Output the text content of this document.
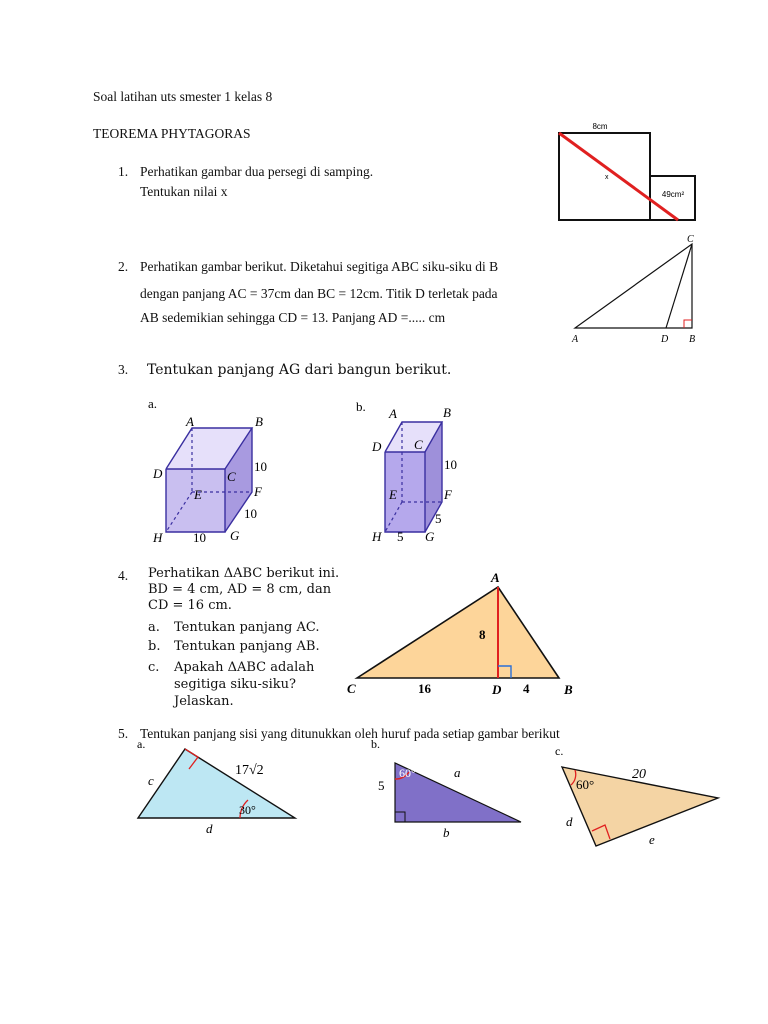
Soal latihan uts smester 1 kelas 8
TEOREMA PHYTAGORAS
1. Perhatikan gambar dua persegi di samping.
Tentukan nilai x
8cm
x
49cm²
2. Perhatikan gambar berikut. Diketahui segitiga ABC siku-siku di B
dengan panjang AC = 37cm dan BC = 12cm. Titik D terletak pada
AB sedemikian sehingga CD = 13. Panjang AD =..... cm
A	D B
C
3. Tentukan panjang AG dari bangun berikut.
A	B
C
D
E	F
G
H
10
10
10
a.
A	B
C
D
E	F
G
H
10
5
5
b.
4. Perhatikan ΔABC berikut ini.
BD = 4 cm, AD = 8 cm, dan
CD = 16 cm.
a. Tentukan panjang AC.
b. Tentukan panjang AB.
c. Apakah ΔABC adalah
segitiga siku-siku?
Jelaskan.
A
C	D	B
8
16	4
5. Tentukan panjang sisi yang ditunukkan oleh huruf pada setiap gambar berikut
a.
17√2
30°
c
d
b.
5
60°	a
b
c.
20
60°
d
e
